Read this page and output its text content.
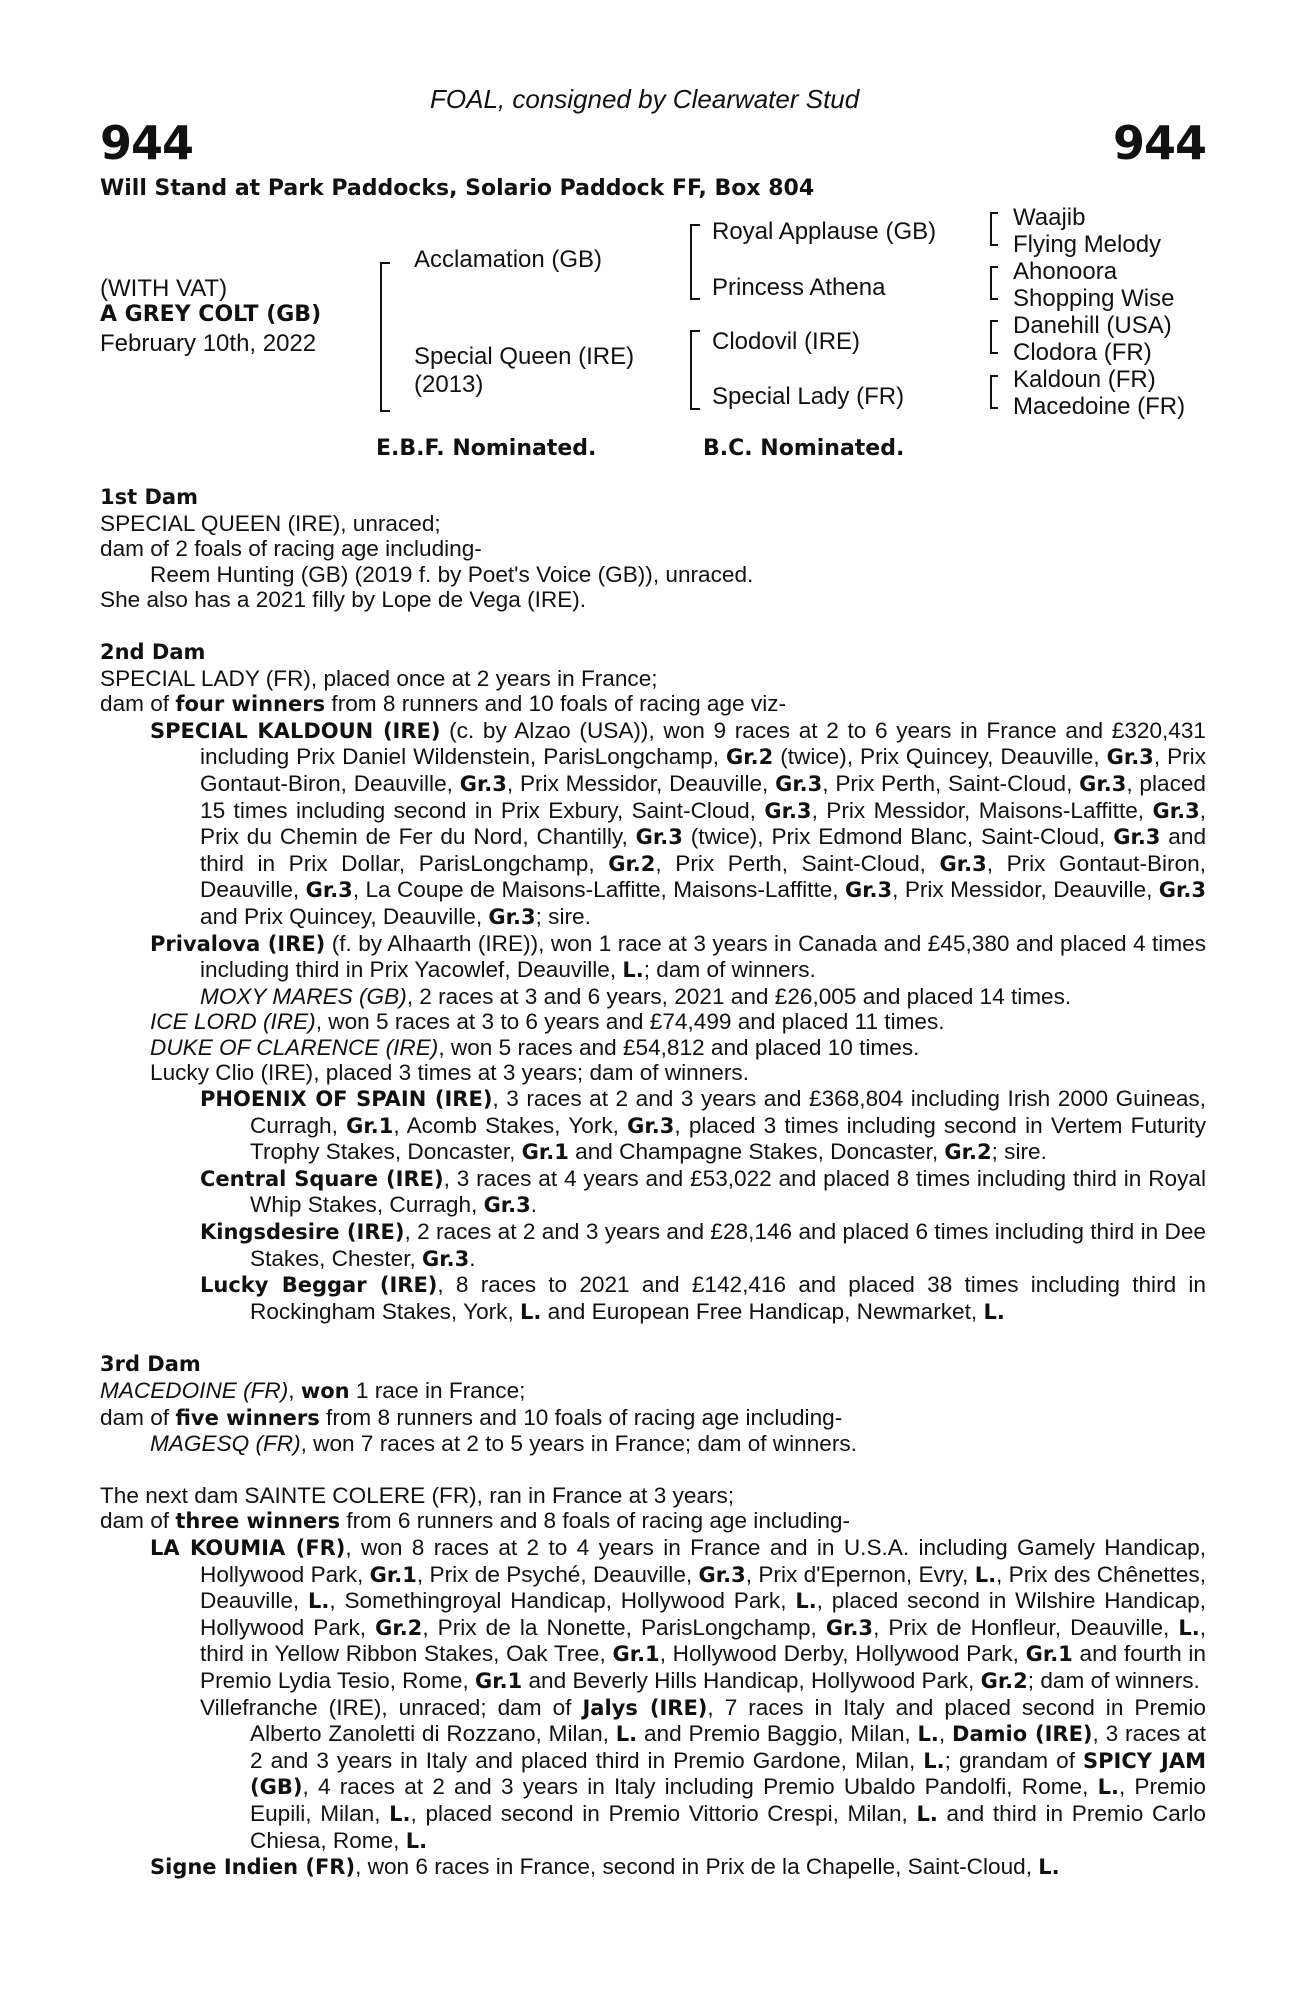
FOAL, consigned by Clearwater Stud
944	944
Will Stand at Park Paddocks, Solario Paddock FF, Box 804
(WITH VAT)
A GREY COLT (GB)
February 10th, 2022
Acclamation (GB)
Special Queen (IRE)
(2013)
Royal Applause (GB)
Princess Athena
Clodovil (IRE)
Special Lady (FR)
Waajib
Flying Melody
Ahonoora
Shopping Wise
Danehill (USA)
Clodora (FR)
Kaldoun (FR)
Macedoine (FR)
E.B.F. Nominated.	B.C. Nominated.

1st Dam

SPECIAL QUEEN (IRE), unraced;

dam of 2 foals of racing age including-

Reem Hunting (GB) (2019 f. by Poet's Voice (GB)), unraced.

She also has a 2021 filly by Lope de Vega (IRE).

2nd Dam

SPECIAL LADY (FR), placed once at 2 years in France;

dam of four winners from 8 runners and 10 foals of racing age viz-

SPECIAL KALDOUN (IRE) (c. by Alzao (USA)), won 9 races at 2 to 6 years in France and £320,431 including Prix Daniel Wildenstein, ParisLongchamp, Gr.2 (twice), Prix Quincey, Deauville, Gr.3, Prix Gontaut-Biron, Deauville, Gr.3, Prix Messidor, Deauville, Gr.3, Prix Perth, Saint-Cloud, Gr.3, placed 15 times including second in Prix Exbury, Saint-Cloud, Gr.3, Prix Messidor, Maisons-Laffitte, Gr.3, Prix du Chemin de Fer du Nord, Chantilly, Gr.3 (twice), Prix Edmond Blanc, Saint-Cloud, Gr.3 and third in Prix Dollar, ParisLongchamp, Gr.2, Prix Perth, Saint-Cloud, Gr.3, Prix Gontaut-Biron, Deauville, Gr.3, La Coupe de Maisons-Laffitte, Maisons-Laffitte, Gr.3, Prix Messidor, Deauville, Gr.3 and Prix Quincey, Deauville, Gr.3; sire.

Privalova (IRE) (f. by Alhaarth (IRE)), won 1 race at 3 years in Canada and £45,380 and placed 4 times including third in Prix Yacowlef, Deauville, L.; dam of winners.

MOXY MARES (GB), 2 races at 3 and 6 years, 2021 and £26,005 and placed 14 times.

ICE LORD (IRE), won 5 races at 3 to 6 years and £74,499 and placed 11 times.

DUKE OF CLARENCE (IRE), won 5 races and £54,812 and placed 10 times.

Lucky Clio (IRE), placed 3 times at 3 years; dam of winners.

PHOENIX OF SPAIN (IRE), 3 races at 2 and 3 years and £368,804 including Irish 2000 Guineas, Curragh, Gr.1, Acomb Stakes, York, Gr.3, placed 3 times including second in Vertem Futurity Trophy Stakes, Doncaster, Gr.1 and Champagne Stakes, Doncaster, Gr.2; sire.

Central Square (IRE), 3 races at 4 years and £53,022 and placed 8 times including third in Royal Whip Stakes, Curragh, Gr.3.

Kingsdesire (IRE), 2 races at 2 and 3 years and £28,146 and placed 6 times including third in Dee Stakes, Chester, Gr.3.

Lucky Beggar (IRE), 8 races to 2021 and £142,416 and placed 38 times including third in Rockingham Stakes, York, L. and European Free Handicap, Newmarket, L.

3rd Dam

MACEDOINE (FR), won 1 race in France;

dam of five winners from 8 runners and 10 foals of racing age including-

MAGESQ (FR), won 7 races at 2 to 5 years in France; dam of winners.

The next dam SAINTE COLERE (FR), ran in France at 3 years;

dam of three winners from 6 runners and 8 foals of racing age including-

LA KOUMIA (FR), won 8 races at 2 to 4 years in France and in U.S.A. including Gamely Handicap, Hollywood Park, Gr.1, Prix de Psyché, Deauville, Gr.3, Prix d'Epernon, Evry, L., Prix des Chênettes, Deauville, L., Somethingroyal Handicap, Hollywood Park, L., placed second in Wilshire Handicap, Hollywood Park, Gr.2, Prix de la Nonette, ParisLongchamp, Gr.3, Prix de Honfleur, Deauville, L., third in Yellow Ribbon Stakes, Oak Tree, Gr.1, Hollywood Derby, Hollywood Park, Gr.1 and fourth in Premio Lydia Tesio, Rome, Gr.1 and Beverly Hills Handicap, Hollywood Park, Gr.2; dam of winners.

Villefranche (IRE), unraced; dam of Jalys (IRE), 7 races in Italy and placed second in Premio Alberto Zanoletti di Rozzano, Milan, L. and Premio Baggio, Milan, L., Damio (IRE), 3 races at 2 and 3 years in Italy and placed third in Premio Gardone, Milan, L.; grandam of SPICY JAM (GB), 4 races at 2 and 3 years in Italy including Premio Ubaldo Pandolfi, Rome, L., Premio Eupili, Milan, L., placed second in Premio Vittorio Crespi, Milan, L. and third in Premio Carlo Chiesa, Rome, L.

Signe Indien (FR), won 6 races in France, second in Prix de la Chapelle, Saint-Cloud, L.
